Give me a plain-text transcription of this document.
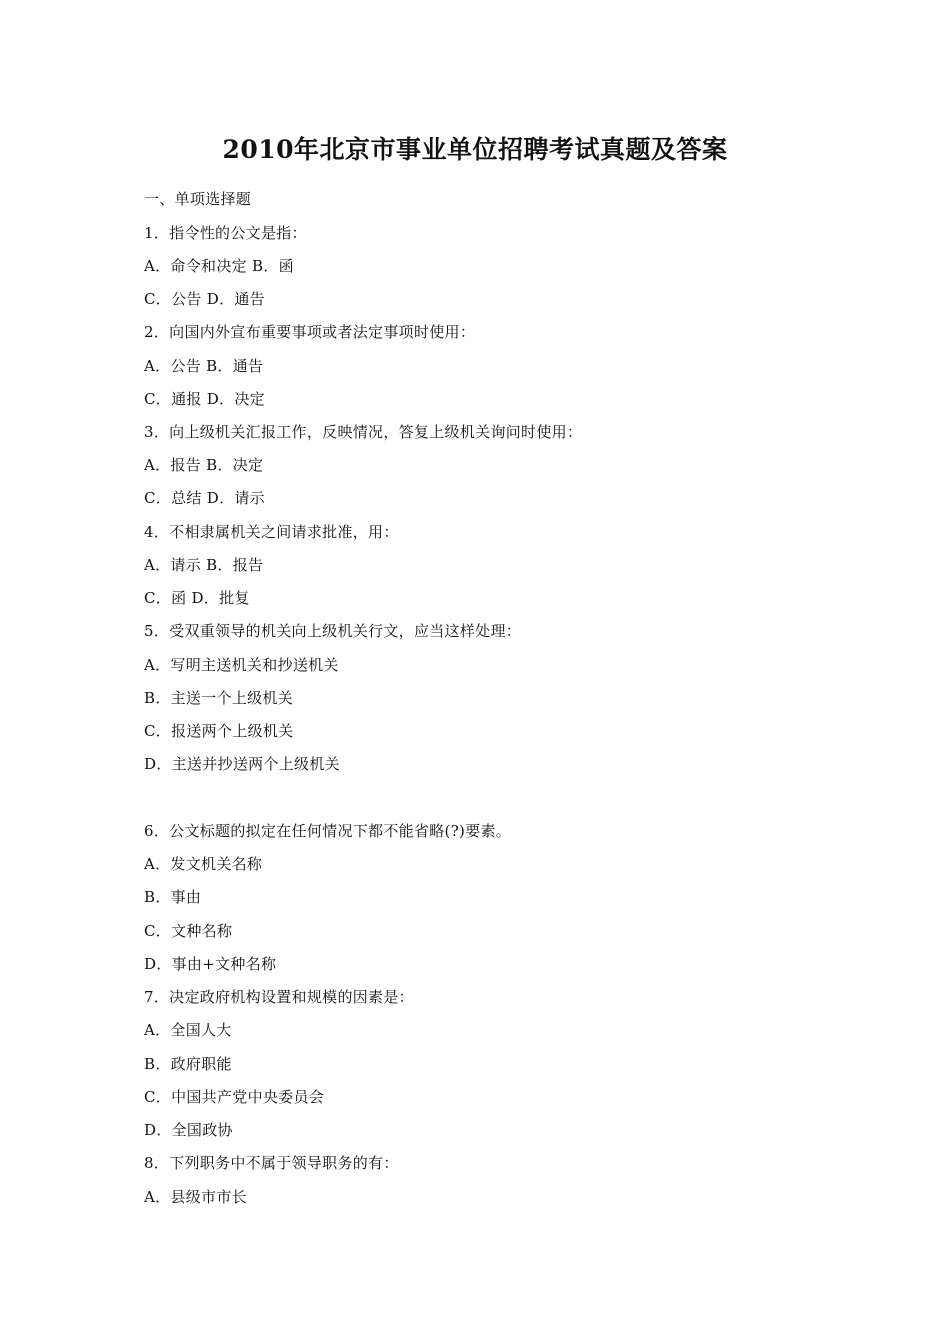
2010年北京市事业单位招聘考试真题及答案
一、单项选择题
1．指令性的公文是指：
A．命令和决定 B．函
C．公告 D．通告
2．向国内外宣布重要事项或者法定事项时使用：
A．公告 B．通告
C．通报 D．决定
3．向上级机关汇报工作，反映情况，答复上级机关询问时使用：
A．报告 B．决定
C．总结 D．请示
4．不相隶属机关之间请求批准，用：
A．请示 B．报告
C．函 D．批复
5．受双重领导的机关向上级机关行文，应当这样处理：
A．写明主送机关和抄送机关
B．主送一个上级机关
C．报送两个上级机关
D．主送并抄送两个上级机关
6．公文标题的拟定在任何情况下都不能省略(?)要素。
A．发文机关名称
B．事由
C．文种名称
D．事由+文种名称
7．决定政府机构设置和规模的因素是：
A．全国人大
B．政府职能
C．中国共产党中央委员会
D．全国政协
8．下列职务中不属于领导职务的有：
A．县级市市长
